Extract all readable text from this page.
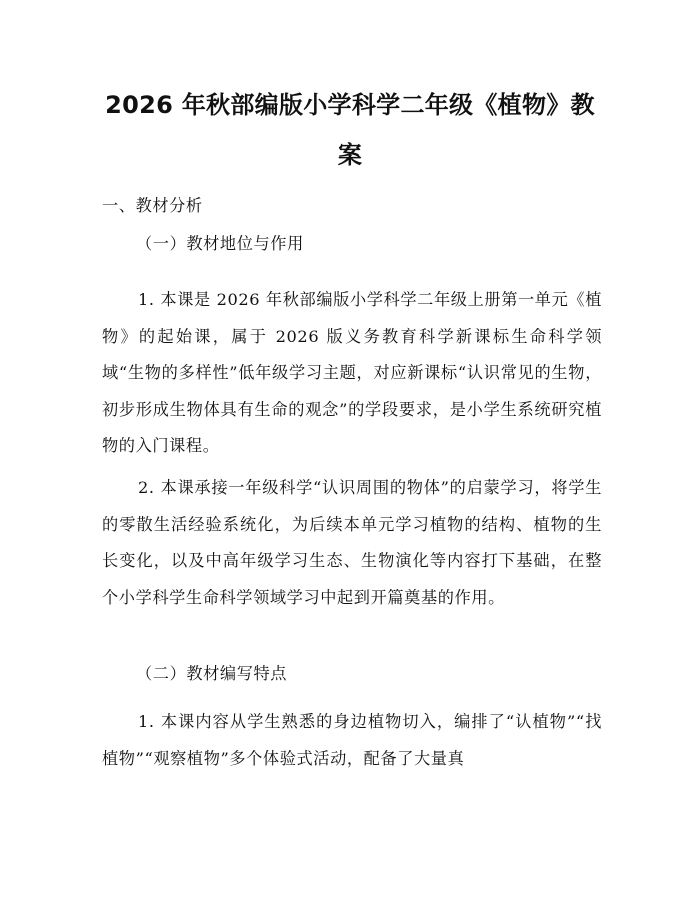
2026 年秋部编版小学科学二年级《植物》教案

一、教材分析

（一）教材地位与作用

1. 本课是 2026 年秋部编版小学科学二年级上册第一单元《植物》的起始课，属于 2026 版义务教育科学新课标生命科学领域“生物的多样性”低年级学习主题，对应新课标“认识常见的生物，初步形成生物体具有生命的观念”的学段要求，是小学生系统研究植物的入门课程。

2. 本课承接一年级科学“认识周围的物体”的启蒙学习，将学生的零散生活经验系统化，为后续本单元学习植物的结构、植物的生长变化，以及中高年级学习生态、生物演化等内容打下基础，在整个小学科学生命科学领域学习中起到开篇奠基的作用。

（二）教材编写特点

1. 本课内容从学生熟悉的身边植物切入，编排了“认植物”“找植物”“观察植物”多个体验式活动，配备了大量真
